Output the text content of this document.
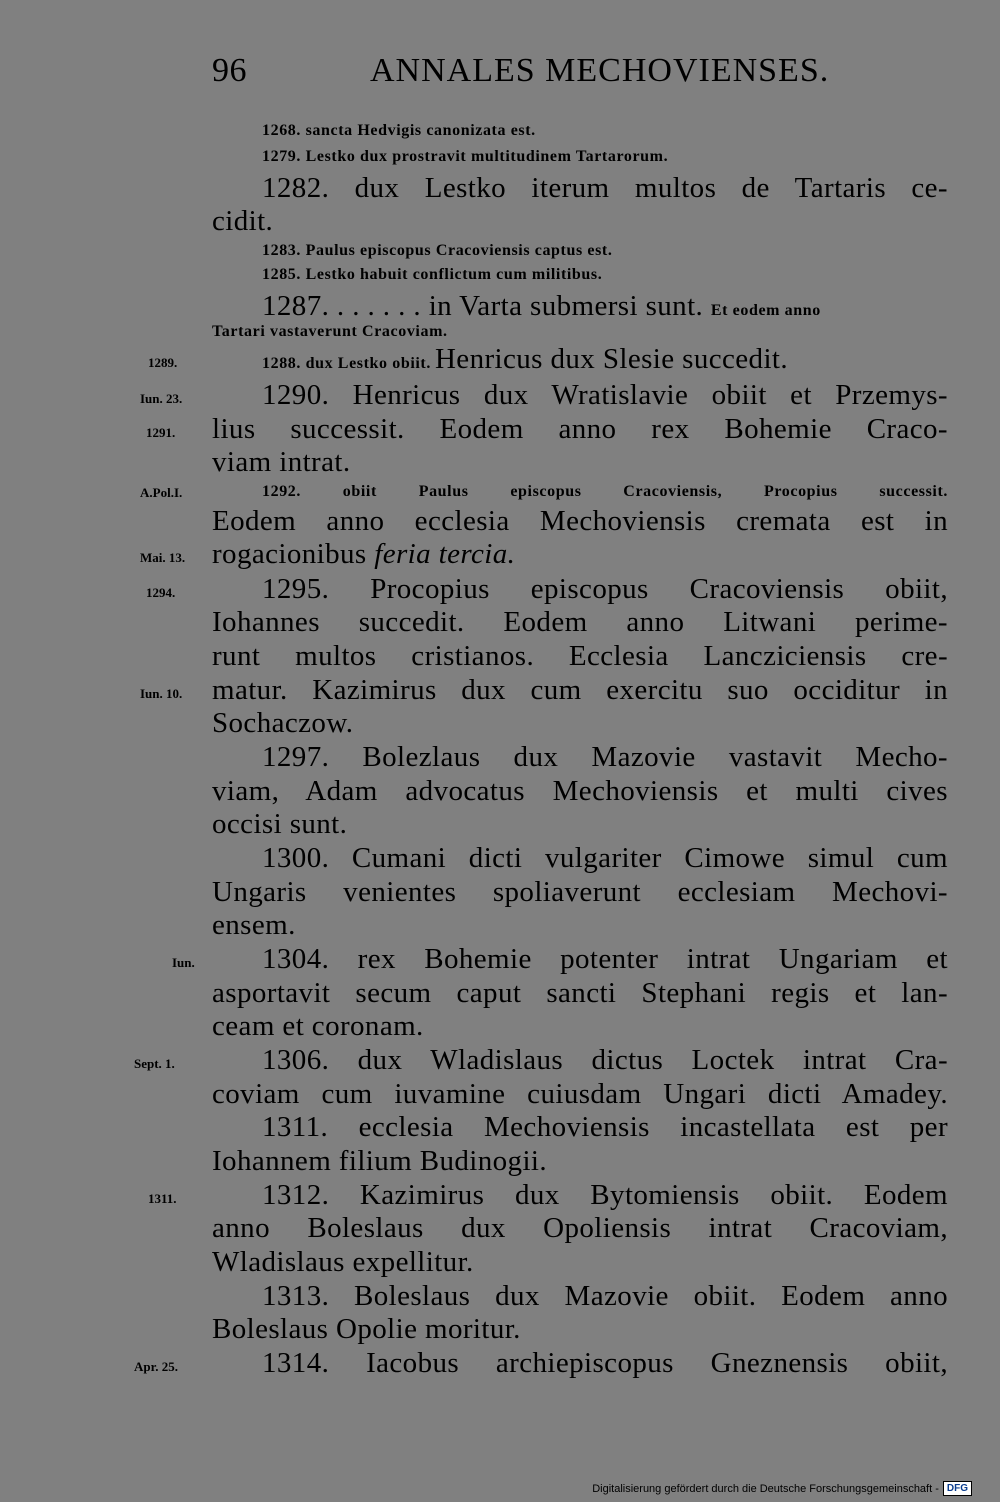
96	ANNALES MECHOVIENSES.
1268. sancta Hedvigis canonizata est.
1279. Lestko dux prostravit multitudinem Tartarorum.
1282. dux Lestko iterum multos de Tartaris ce-
cidit.
1283. Paulus episcopus Cracoviensis captus est.
1285. Lestko habuit conflictum cum militibus.
1287. . . . . . . in Varta submersi sunt. Et eodem anno
Tartari vastaverunt Cracoviam.
1289.	1288. dux Lestko obiit. Henricus dux Slesie succedit.
Iun. 23.	1290. Henricus dux Wratislavie obiit et Przemys-
1291. lius successit. Eodem anno rex Bohemie Craco-
viam intrat.
A.Pol.I.	1292. obiit Paulus episcopus Cracoviensis, Procopius successit.
Eodem anno ecclesia Mechoviensis cremata est in
Mai. 13. rogacionibus feria tercia.
1294.	1295. Procopius episcopus Cracoviensis obiit,
Iohannes succedit. Eodem anno Litwani perime-
runt multos cristianos. Ecclesia Lancziciensis cre-
Iun. 10. matur. Kazimirus dux cum exercitu suo occiditur in
Sochaczow.
1297. Bolezlaus dux Mazovie vastavit Mecho-
viam, Adam advocatus Mechoviensis et multi cives
occisi sunt.
1300. Cumani dicti vulgariter Cimowe simul cum
Ungaris venientes spoliaverunt ecclesiam Mechovi-
ensem.
Iun. 1304. rex Bohemie potenter intrat Ungariam et
asportavit secum caput sancti Stephani regis et lan-
ceam et coronam.
Sept. 1.	1306. dux Wladislaus dictus Loctek intrat Cra-
coviam cum iuvamine cuiusdam Ungari dicti Amadey.
1311. ecclesia Mechoviensis incastellata est per
Iohannem filium Budinogii.
1311.	1312. Kazimirus dux Bytomiensis obiit. Eodem
anno Boleslaus dux Opoliensis intrat Cracoviam,
Wladislaus expellitur.
1313. Boleslaus dux Mazovie obiit. Eodem anno
Boleslaus Opolie moritur.
Apr. 25.	1314. Iacobus archiepiscopus Gneznensis obiit,
Digitalisierung gefördert durch die Deutsche Forschungsgemeinschaft - DFG
